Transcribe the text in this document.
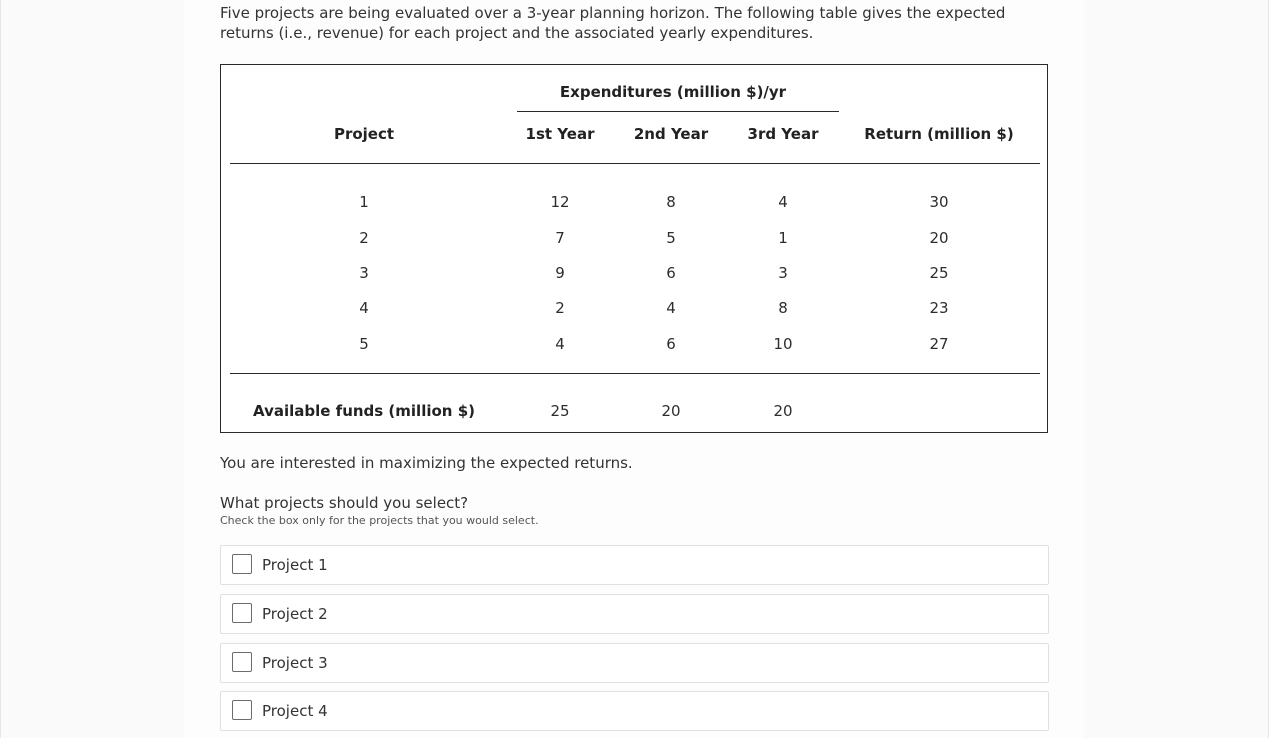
Five projects are being evaluated over a 3-year planning horizon. The following table gives the expected returns (i.e., revenue) for each project and the associated yearly expenditures.
Expenditures (million $)/yr
Project	1st Year	2nd Year	3rd Year	Return (million $)
1	12	8	4	30
2	7	5	1	20
3	9	6	3	25
4	2	4	8	23
5	4	6	10	27
Available funds (million $)	25	20	20
You are interested in maximizing the expected returns.
What projects should you select?
Check the box only for the projects that you would select.
Project 1
Project 2
Project 3
Project 4
